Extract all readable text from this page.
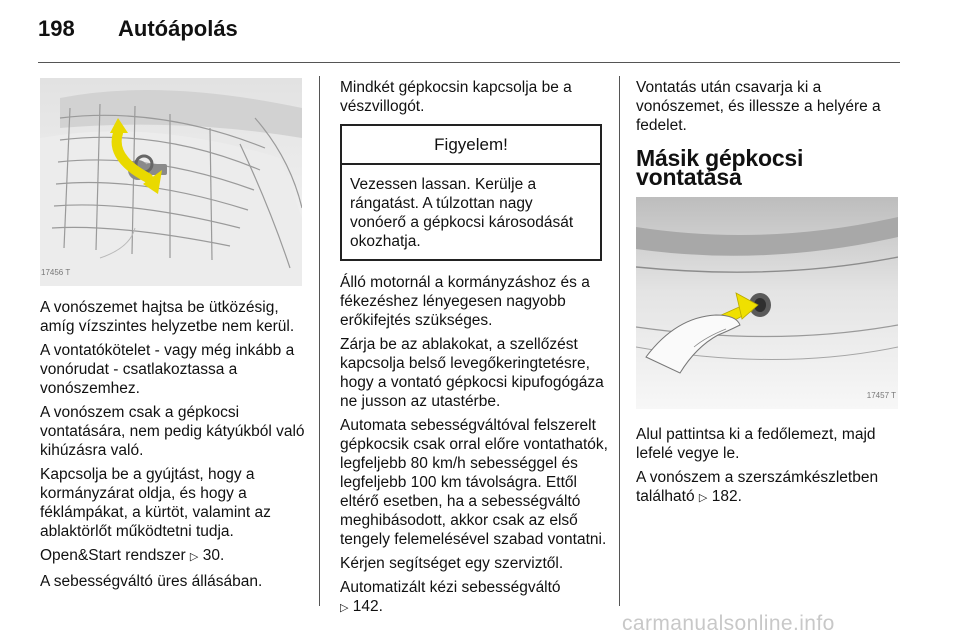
198	Autóápolás
17456 T

A vonószemet hajtsa be ütközésig, amíg vízszintes helyzetbe nem kerül.

A vontatókötelet - vagy még inkább a vonórudat - csatlakoztassa a vonószemhez.

A vonószem csak a gépkocsi vontatására, nem pedig kátyúkból való kihúzásra való.

Kapcsolja be a gyújtást, hogy a kormányzárat oldja, és hogy a féklámpákat, a kürtöt, valamint az ablaktörlőt működtetni tudja.

Open&Start rendszer ▷ 30.

A sebességváltó üres állásában.

Mindkét gépkocsin kapcsolja be a vészvillogót.

Figyelem!
Vezessen lassan. Kerülje a rángatást. A túlzottan nagy vonóerő a gépkocsi károsodását okozhatja.

Álló motornál a kormányzáshoz és a fékezéshez lényegesen nagyobb erőkifejtés szükséges.

Zárja be az ablakokat, a szellőzést kapcsolja belső levegőkeringtetésre, hogy a vontató gépkocsi kipufogógáza ne jusson az utastérbe.

Automata sebességváltóval felszerelt gépkocsik csak orral előre vontathatók, legfeljebb 80 km/h sebességgel és legfeljebb 100 km távolságra. Ettől eltérő esetben, ha a sebességváltó meghibásodott, akkor csak az első tengely felemelésével szabad vontatni.

Kérjen segítséget egy szerviztől.

Automatizált kézi sebességváltó
▷ 142.

Vontatás után csavarja ki a vonószemet, és illessze a helyére a fedelet.

Másik gépkocsi vontatása
17457 T

Alul pattintsa ki a fedőlemezt, majd lefelé vegye le.

A vonószem a szerszámkészletben található ▷ 182.

carmanualsonline.info
